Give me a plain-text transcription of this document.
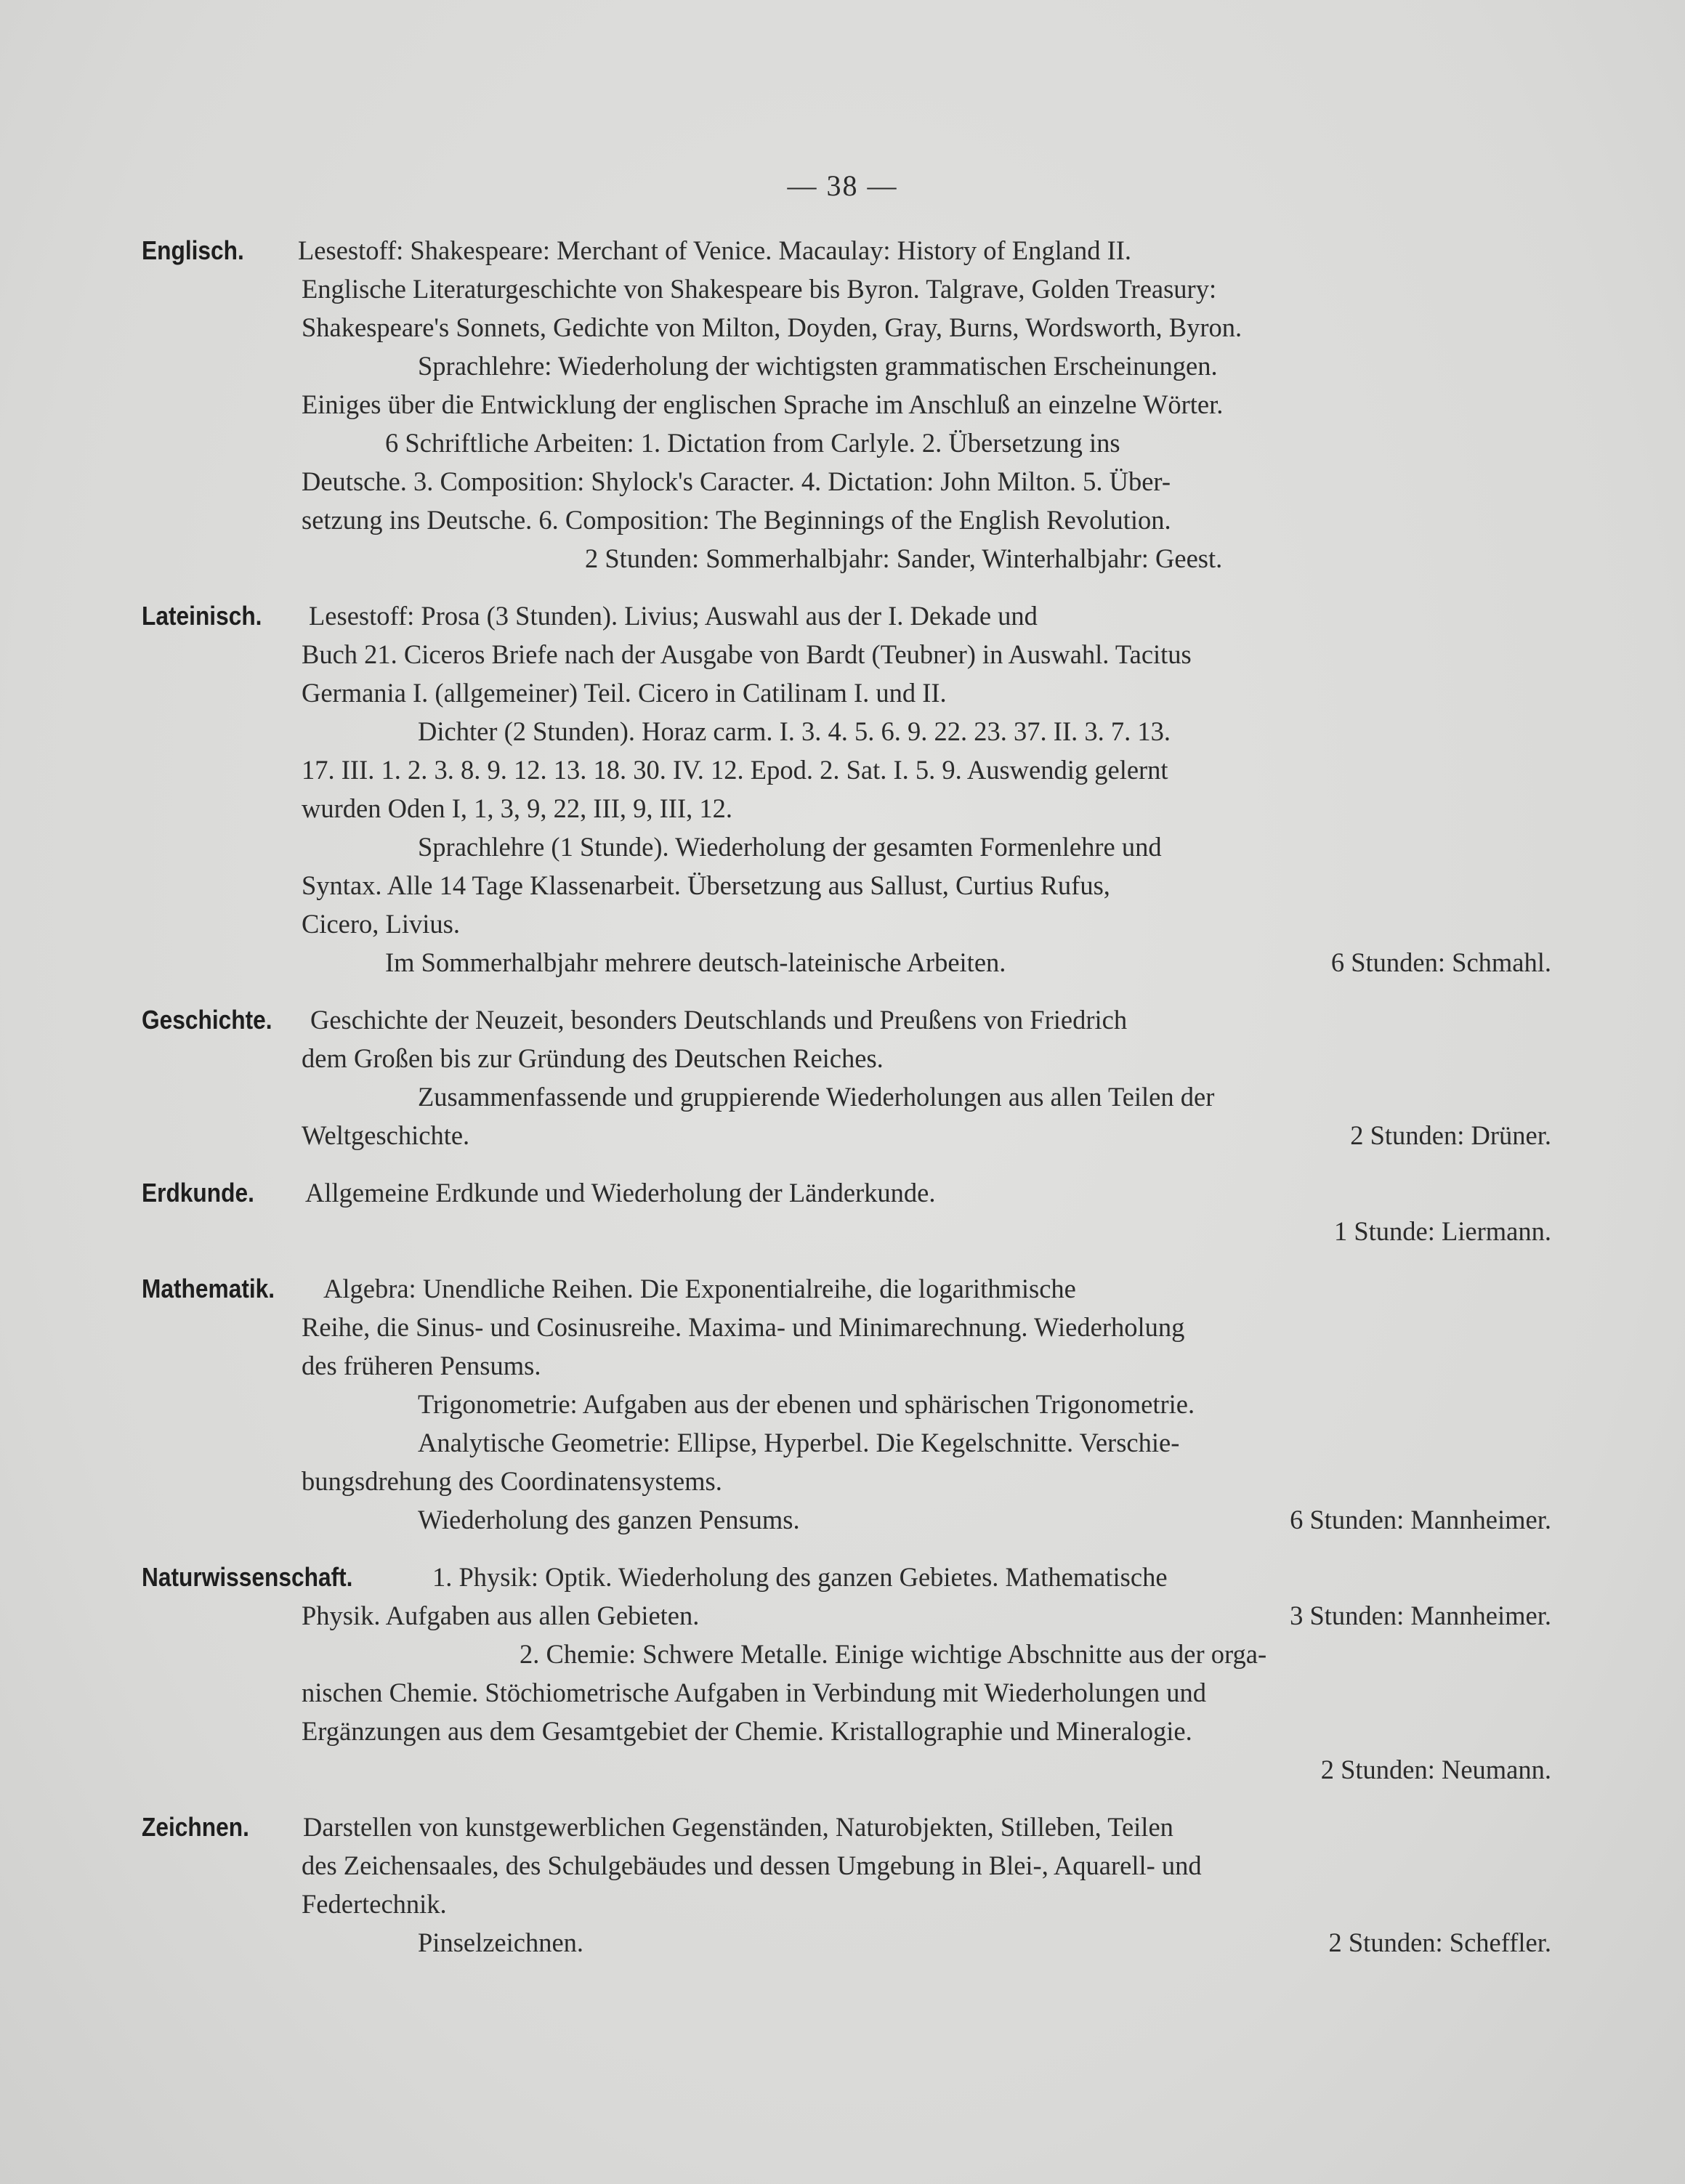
— 38 —
Englisch. Lesestoff: Shakespeare: Merchant of Venice. Macaulay: History of England II.
Englische Literaturgeschichte von Shakespeare bis Byron. Talgrave, Golden Treasury:
Shakespeare's Sonnets, Gedichte von Milton, Doyden, Gray, Burns, Wordsworth, Byron.
Sprachlehre: Wiederholung der wichtigsten grammatischen Erscheinungen.
Einiges über die Entwicklung der englischen Sprache im Anschluß an einzelne Wörter.
6 Schriftliche Arbeiten: 1. Dictation from Carlyle. 2. Übersetzung ins
Deutsche. 3. Composition: Shylock's Caracter. 4. Dictation: John Milton. 5. Über-
setzung ins Deutsche. 6. Composition: The Beginnings of the English Revolution.
2 Stunden: Sommerhalbjahr: Sander, Winterhalbjahr: Geest.
Lateinisch. Lesestoff: Prosa (3 Stunden). Livius; Auswahl aus der I. Dekade und
Buch 21. Ciceros Briefe nach der Ausgabe von Bardt (Teubner) in Auswahl. Tacitus
Germania I. (allgemeiner) Teil. Cicero in Catilinam I. und II.
Dichter (2 Stunden). Horaz carm. I. 3. 4. 5. 6. 9. 22. 23. 37. II. 3. 7. 13.
17. III. 1. 2. 3. 8. 9. 12. 13. 18. 30. IV. 12. Epod. 2. Sat. I. 5. 9. Auswendig gelernt
wurden Oden I, 1, 3, 9, 22, III, 9, III, 12.
Sprachlehre (1 Stunde). Wiederholung der gesamten Formenlehre und
Syntax. Alle 14 Tage Klassenarbeit. Übersetzung aus Sallust, Curtius Rufus,
Cicero, Livius.
Im Sommerhalbjahr mehrere deutsch-lateinische Arbeiten.	6 Stunden: Schmahl.
Geschichte. Geschichte der Neuzeit, besonders Deutschlands und Preußens von Friedrich
dem Großen bis zur Gründung des Deutschen Reiches.
Zusammenfassende und gruppierende Wiederholungen aus allen Teilen der
Weltgeschichte.	2 Stunden: Drüner.
Erdkunde. Allgemeine Erdkunde und Wiederholung der Länderkunde.
1 Stunde: Liermann.
Mathematik. Algebra: Unendliche Reihen. Die Exponentialreihe, die logarithmische
Reihe, die Sinus- und Cosinusreihe. Maxima- und Minimarechnung. Wiederholung
des früheren Pensums.
Trigonometrie: Aufgaben aus der ebenen und sphärischen Trigonometrie.
Analytische Geometrie: Ellipse, Hyperbel. Die Kegelschnitte. Verschie-
bungsdrehung des Coordinatensystems.
Wiederholung des ganzen Pensums.	6 Stunden: Mannheimer.
Naturwissenschaft.	1. Physik: Optik. Wiederholung des ganzen Gebietes. Mathematische
Physik. Aufgaben aus allen Gebieten.	3 Stunden: Mannheimer.
2. Chemie: Schwere Metalle. Einige wichtige Abschnitte aus der orga-
nischen Chemie. Stöchiometrische Aufgaben in Verbindung mit Wiederholungen und
Ergänzungen aus dem Gesamtgebiet der Chemie. Kristallographie und Mineralogie.
2 Stunden: Neumann.
Zeichnen. Darstellen von kunstgewerblichen Gegenständen, Naturobjekten, Stilleben, Teilen
des Zeichensaales, des Schulgebäudes und dessen Umgebung in Blei-, Aquarell- und
Federtechnik.
Pinselzeichnen.	2 Stunden: Scheffler.
